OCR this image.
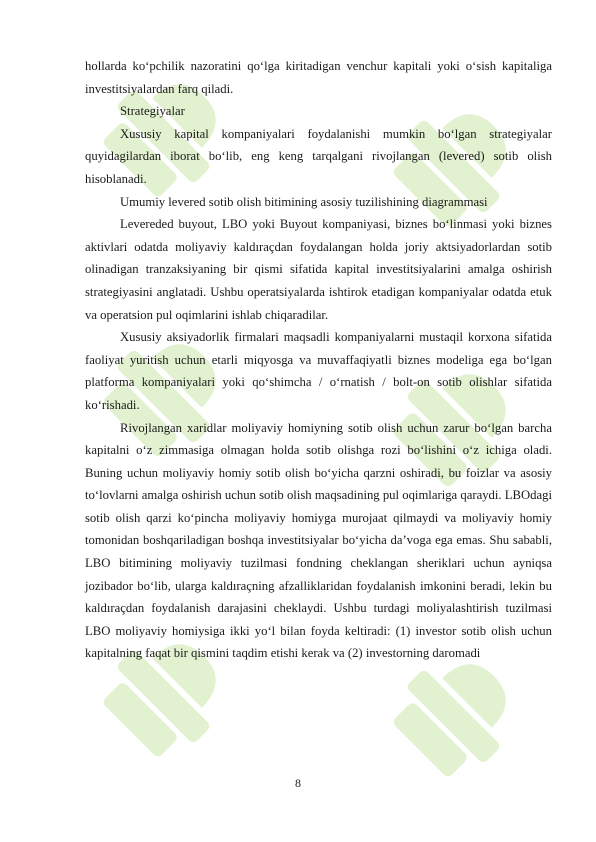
hollarda ko‘pchilik nazoratini qo‘lga kiritadigan venchur kapitali yoki o‘sish kapitaliga investitsiyalardan farq qiladi.

Strategiyalar

Xususiy kapital kompaniyalari foydalanishi mumkin bo‘lgan strategiyalar quyidagilardan iborat bo‘lib, eng keng tarqalgani rivojlangan (levered) sotib olish hisoblanadi.

Umumiy levered sotib olish bitimining asosiy tuzilishining diagrammasi

Levereded buyout, LBO yoki Buyout kompaniyasi, biznes bo‘linmasi yoki biznes aktivlari odatda moliyaviy kaldıraçdan foydalangan holda joriy aktsiyadorlardan sotib olinadigan tranzaksiyaning bir qismi sifatida kapital investitsiyalarini amalga oshirish strategiyasini anglatadi. Ushbu operatsiyalarda ishtirok etadigan kompaniyalar odatda etuk va operatsion pul oqimlarini ishlab chiqaradilar.

Xususiy aksiyadorlik firmalari maqsadli kompaniyalarni mustaqil korxona sifatida faoliyat yuritish uchun etarli miqyosga va muvaffaqiyatli biznes modeliga ega bo‘lgan platforma kompaniyalari yoki qo‘shimcha / o‘rnatish / bolt-on sotib olishlar sifatida ko‘rishadi.

Rivojlangan xaridlar moliyaviy homiyning sotib olish uchun zarur bo‘lgan barcha kapitalni o‘z zimmasiga olmagan holda sotib olishga rozi bo‘lishini o‘z ichiga oladi. Buning uchun moliyaviy homiy sotib olish bo‘yicha qarzni oshiradi, bu foizlar va asosiy to‘lovlarni amalga oshirish uchun sotib olish maqsadining pul oqimlariga qaraydi. LBOdagi sotib olish qarzi ko‘pincha moliyaviy homiyga murojaat qilmaydi va moliyaviy homiy tomonidan boshqariladigan boshqa investitsiyalar bo‘yicha da’voga ega emas. Shu sababli, LBO bitimining moliyaviy tuzilmasi fondning cheklangan sheriklari uchun ayniqsa jozibador bo‘lib, ularga kaldıraçning afzalliklaridan foydalanish imkonini beradi, lekin bu kaldıraçdan foydalanish darajasini cheklaydi. Ushbu turdagi moliyalashtirish tuzilmasi LBO moliyaviy homiysiga ikki yo‘l bilan foyda keltiradi: (1) investor sotib olish uchun kapitalning faqat bir qismini taqdim etishi kerak va (2) investorning daromadi

8
